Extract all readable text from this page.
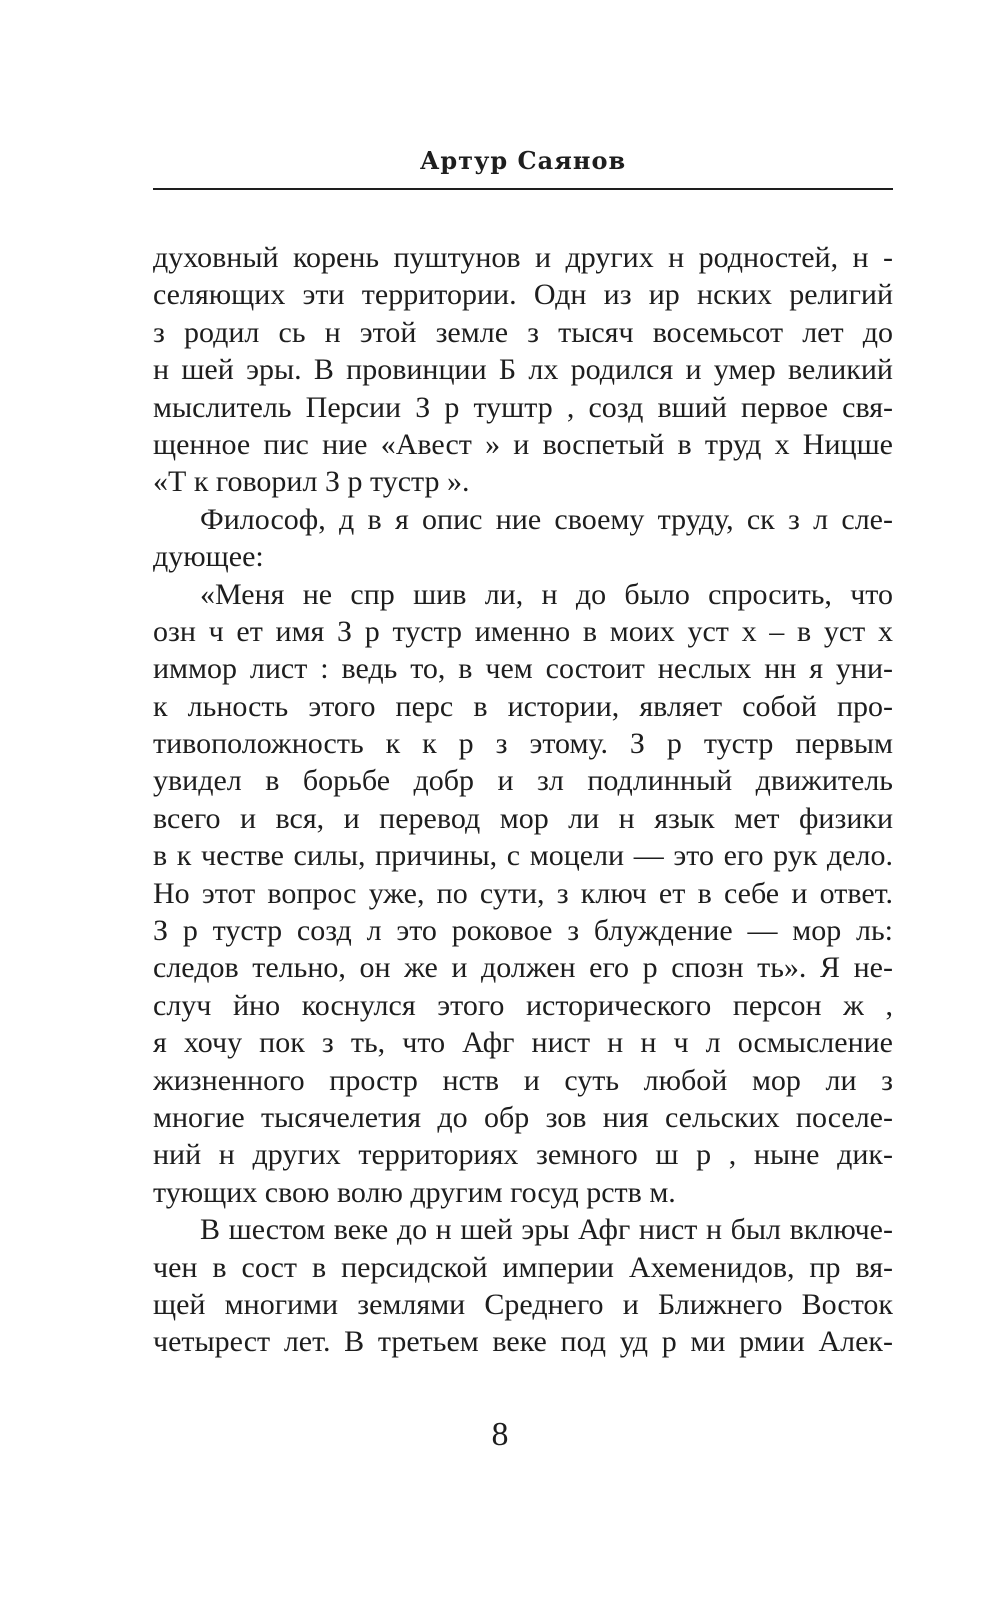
Артур Саянов
духовный корень пуштунов и других н родностей, н -
селяющих эти территории. Одн из ир нских религий
з родил сь н этой земле з тысяч восемьсот лет до
н шей эры. В провинции Б лх родился и умер великий
мыслитель Персии З р туштр , созд вший первое свя-
щенное пис ние «Авест » и воспетый в труд х Ницше
«Т к говорил З р тустр ».
Философ, д в я опис ние своему труду, ск з л сле-
дующее:
«Меня не спр шив ли, н до было спросить, что
озн ч ет имя З р тустр именно в моих уст х – в уст х
иммор лист : ведь то, в чем состоит неслых нн я уни-
к льность этого перс в истории, являет собой про-
тивоположность к к р з этому. З р тустр первым
увидел в борьбе добр и зл подлинный движитель
всего и вся, и перевод мор ли н язык мет физики
в к честве силы, причины, с моцели — это его рук дело.
Но этот вопрос уже, по сути, з ключ ет в себе и ответ.
З р тустр созд л это роковое з блуждение — мор ль:
следов тельно, он же и должен его р спозн ть». Я не-
случ йно коснулся этого исторического персон ж ,
я хочу пок з ть, что Афг нист н н ч л осмысление
жизненного простр нств и суть любой мор ли з
многие тысячелетия до обр зов ния сельских поселе-
ний н других территориях земного ш р , ныне дик-
тующих свою волю другим госуд рств м.
В шестом веке до н шей эры Афг нист н был включе-
чен в сост в персидской империи Ахеменидов, пр вя-
щей многими землями Среднего и Ближнего Восток
четырест лет. В третьем веке под уд р ми рмии Алек-
8
